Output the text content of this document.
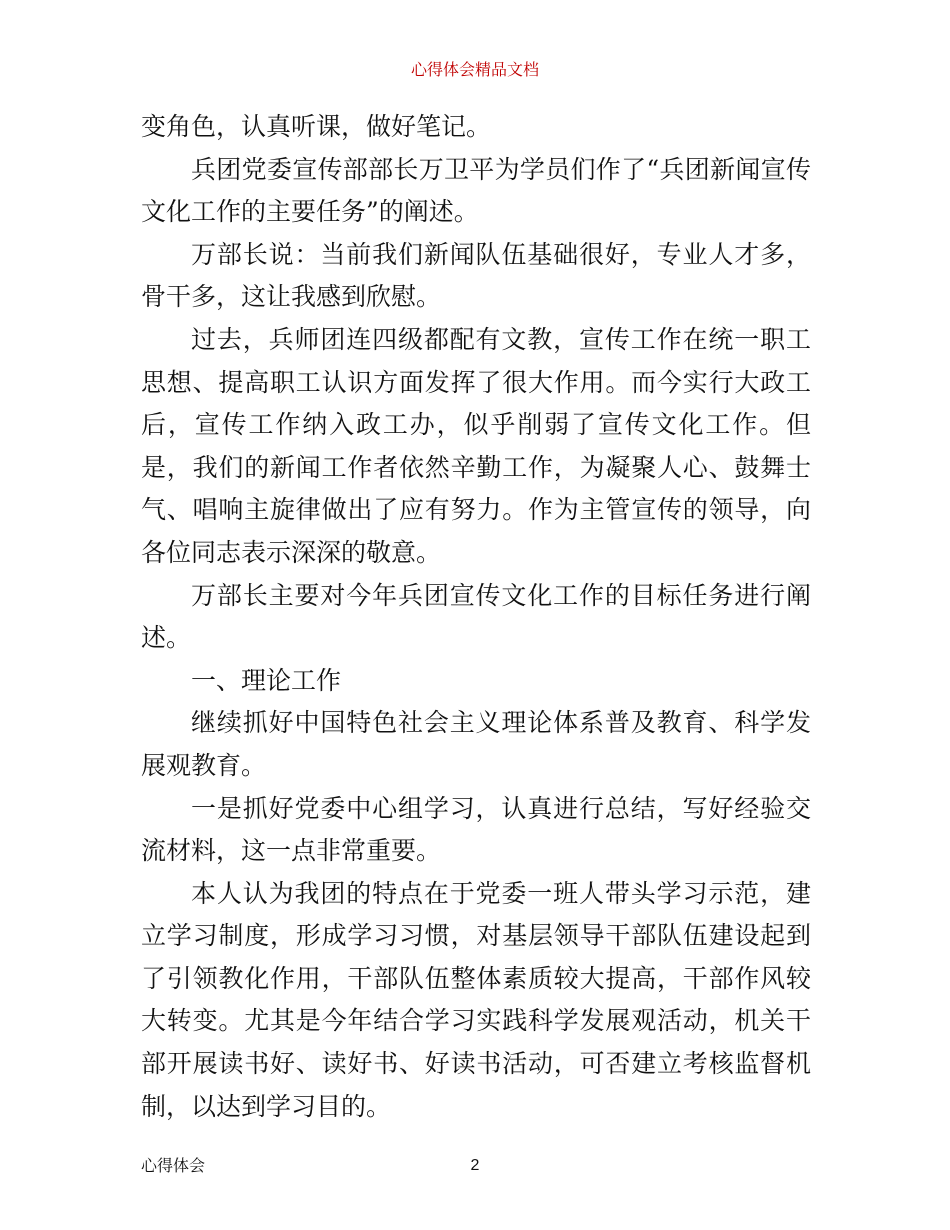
心得体会精品文档

变角色，认真听课，做好笔记。

兵团党委宣传部部长万卫平为学员们作了“兵团新闻宣传文化工作的主要任务”的阐述。

万部长说：当前我们新闻队伍基础很好，专业人才多，骨干多，这让我感到欣慰。

过去，兵师团连四级都配有文教，宣传工作在统一职工思想、提高职工认识方面发挥了很大作用。而今实行大政工后，宣传工作纳入政工办，似乎削弱了宣传文化工作。但是，我们的新闻工作者依然辛勤工作，为凝聚人心、鼓舞士气、唱响主旋律做出了应有努力。作为主管宣传的领导，向各位同志表示深深的敬意。

万部长主要对今年兵团宣传文化工作的目标任务进行阐述。

一、理论工作

继续抓好中国特色社会主义理论体系普及教育、科学发展观教育。

一是抓好党委中心组学习，认真进行总结，写好经验交流材料，这一点非常重要。

本人认为我团的特点在于党委一班人带头学习示范，建立学习制度，形成学习习惯，对基层领导干部队伍建设起到了引领教化作用，干部队伍整体素质较大提高，干部作风较大转变。尤其是今年结合学习实践科学发展观活动，机关干部开展读书好、读好书、好读书活动，可否建立考核监督机制，以达到学习目的。

心得体会	2
